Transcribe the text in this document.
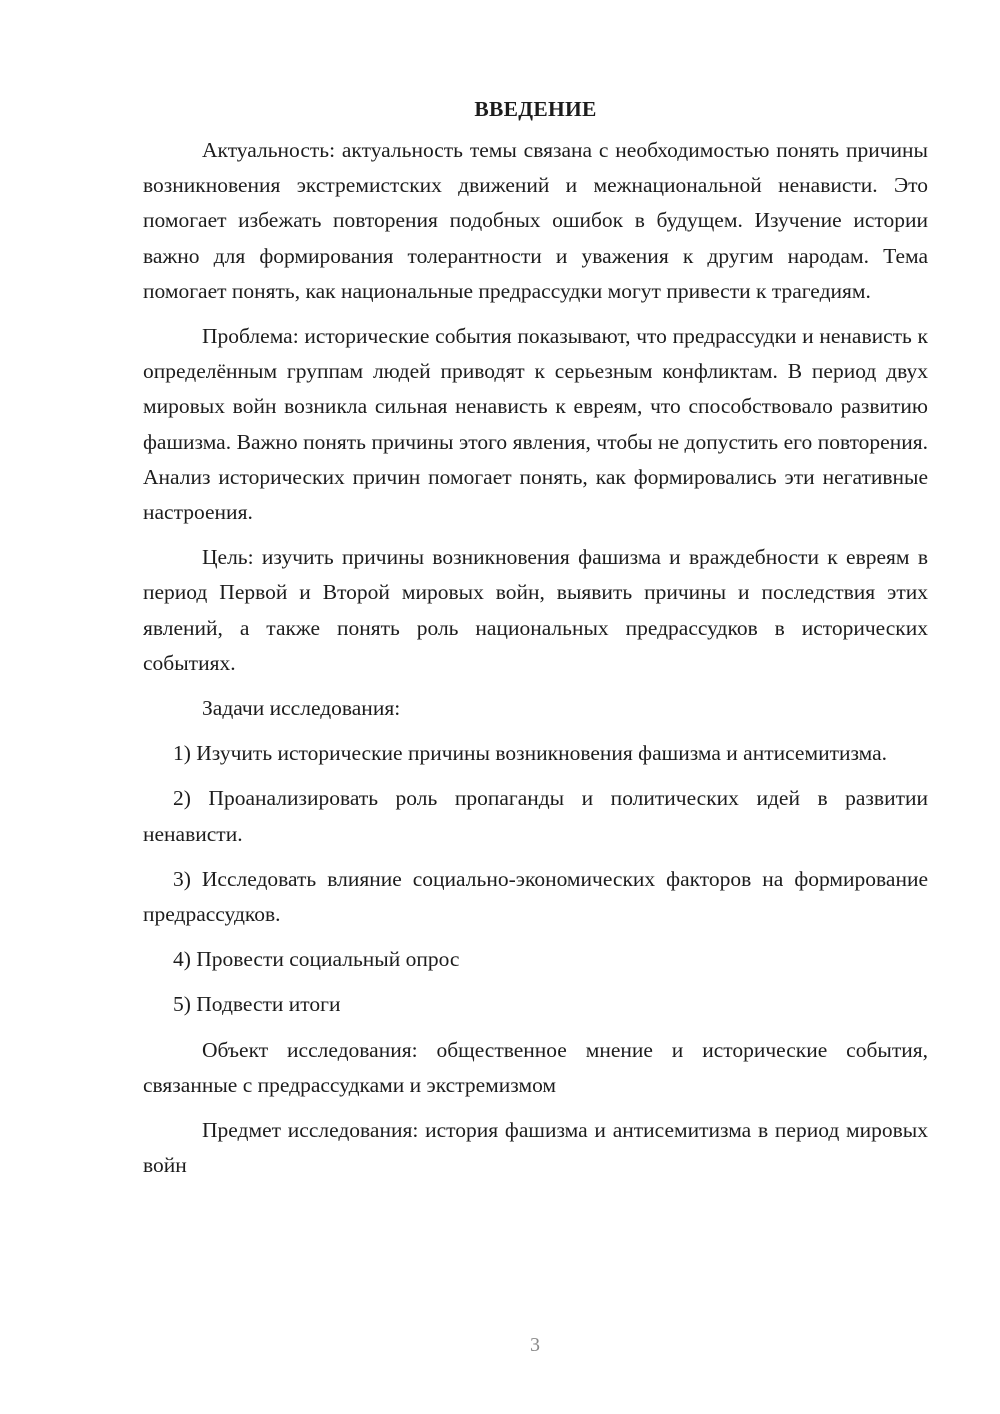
ВВЕДЕНИЕ

Актуальность: актуальность темы связана с необходимостью понять причины возникновения экстремистских движений и межнациональной ненависти. Это помогает избежать повторения подобных ошибок в будущем. Изучение истории важно для формирования толерантности и уважения к другим народам. Тема помогает понять, как национальные предрассудки могут привести к трагедиям.

Проблема: исторические события показывают, что предрассудки и ненависть к определённым группам людей приводят к серьезным конфликтам. В период двух мировых войн возникла сильная ненависть к евреям, что способствовало развитию фашизма. Важно понять причины этого явления, чтобы не допустить его повторения. Анализ исторических причин помогает понять, как формировались эти негативные настроения.

Цель: изучить причины возникновения фашизма и враждебности к евреям в период Первой и Второй мировых войн, выявить причины и последствия этих явлений, а также понять роль национальных предрассудков в исторических событиях.

Задачи исследования:

1) Изучить исторические причины возникновения фашизма и антисемитизма.

2) Проанализировать роль пропаганды и политических идей в развитии ненависти.

3) Исследовать влияние социально-экономических факторов на формирование предрассудков.

4) Провести социальный опрос

5) Подвести итоги

Объект исследования: общественное мнение и исторические события, связанные с предрассудками и экстремизмом

Предмет исследования: история фашизма и антисемитизма в период мировых войн

3
